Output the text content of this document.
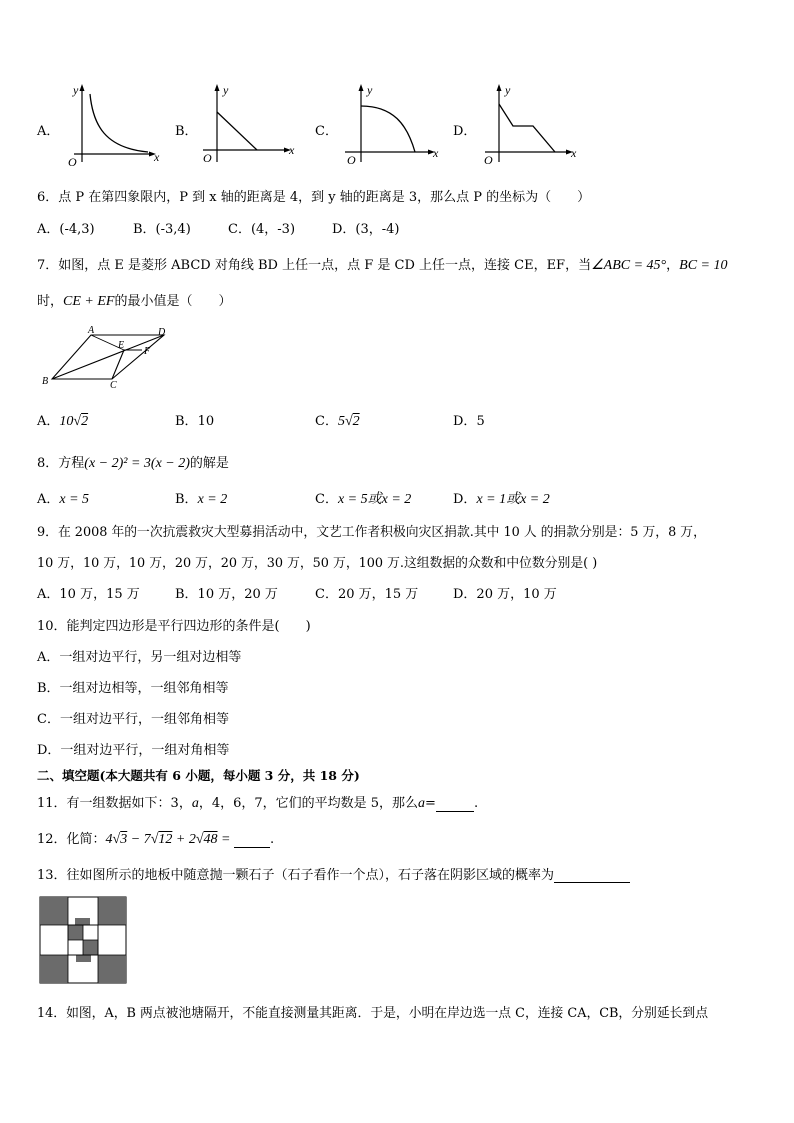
A．
y
x
O
B．
y
x
O
C．
y
x
O
D．
y
x
O
6．点 P 在第四象限内，P 到 x 轴的距离是 4，到 y 轴的距离是 3，那么点 P 的坐标为（　　）
A．(-4,3)	B．(-3,4)	C．(4，-3)	D．(3，-4)
7．如图，点 E 是菱形 ABCD 对角线 BD 上任一点，点 F 是 CD 上任一点，连接 CE，EF，当∠ABC = 45°，BC = 10
时，CE + EF的最小值是（　　）
A	D
B	C
E
F
A．10√2	B．10	C．5√2	D．5
8．方程(x − 2)² = 3(x − 2)的解是
A．x = 5	B．x = 2	C．x = 5或x = 2	D．x = 1或x = 2
9．在 2008 年的一次抗震救灾大型募捐活动中，文艺工作者积极向灾区捐款.其中 10 人 的捐款分别是：5 万，8 万，
10 万，10 万，10 万，20 万，20 万，30 万，50 万，100 万.这组数据的众数和中位数分别是( )
A．10 万，15 万	B．10 万，20 万	C．20 万，15 万	D．20 万，10 万
10．能判定四边形是平行四边形的条件是(　　)
A．一组对边平行，另一组对边相等
B．一组对边相等，一组邻角相等
C．一组对边平行，一组邻角相等
D．一组对边平行，一组对角相等
二、填空题(本大题共有 6 小题，每小题 3 分，共 18 分)
11．有一组数据如下：3，a，4，6，7，它们的平均数是 5，那么a=	.
12．化简：4√3 − 7√12 + 2√48 =	.
13．往如图所示的地板中随意抛一颗石子（石子看作一个点），石子落在阴影区域的概率为
14．如图，A，B 两点被池塘隔开，不能直接测量其距离．于是，小明在岸边选一点 C，连接 CA，CB，分别延长到点
